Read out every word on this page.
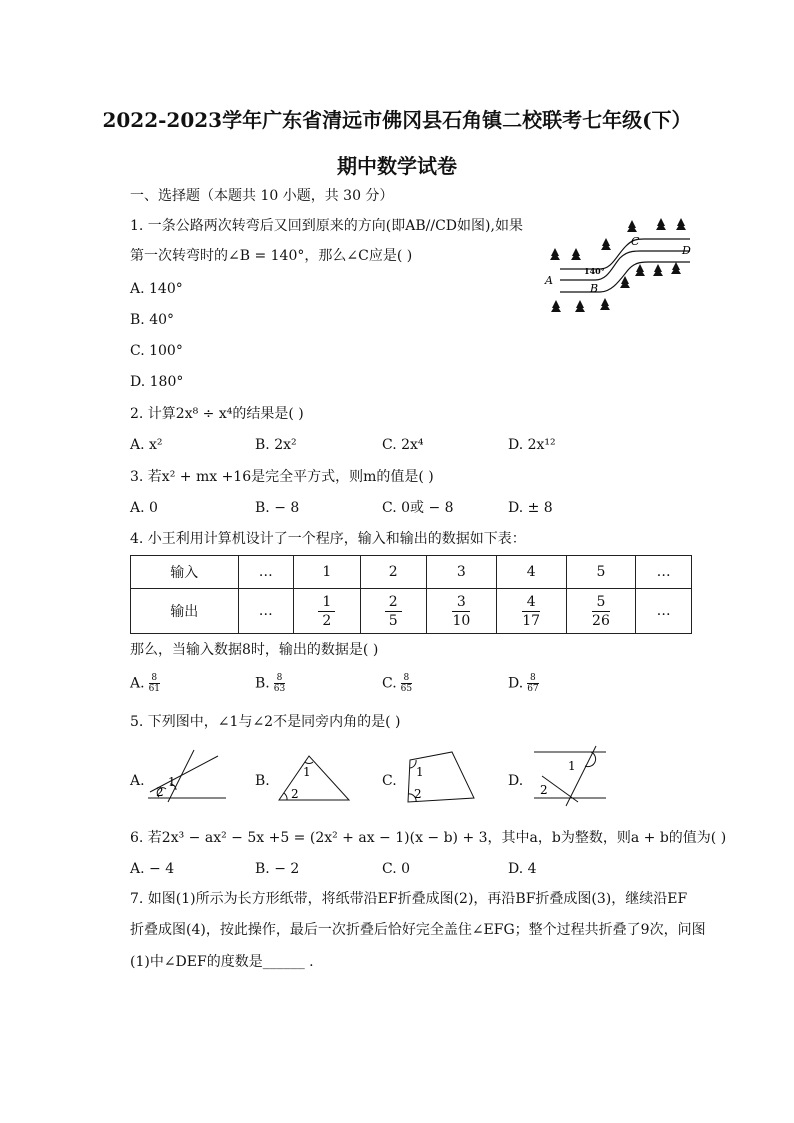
2022-2023学年广东省清远市佛冈县石角镇二校联考七年级(下）
期中数学试卷
一、选择题（本题共 10 小题，共 30 分）
1. 一条公路两次转弯后又回到原来的方向(即AB//CD如图),如果
第一次转弯时的∠B = 140°，那么∠C应是( )
A. 140°
B. 40°
C. 100°
D. 180°
A
B
C
D
140°
2. 计算2x⁸ ÷ x⁴的结果是( )
A. x²	B. 2x²	C. 2x⁴	D. 2x¹²
3. 若x² + mx +16是完全平方式，则m的值是( )
A. 0	B. − 8	C. 0或 − 8	D. ± 8
4. 小王利用计算机设计了一个程序，输入和输出的数据如下表：
输入	…	1	2	3	4	5	…
输出	…	$\frac{1}{2}$	$\frac{2}{5}$	$\frac{3}{10}$	$\frac{4}{17}$	$\frac{5}{26}$	…
那么，当输入数据8时，输出的数据是( )
A. $\frac{8}{61}$	B. $\frac{8}{63}$	C. $\frac{8}{65}$	D. $\frac{8}{67}$
5. 下列图中，∠1与∠2不是同旁内角的是( )
A. 1
2
B.
1
2
C.
1
2
D.
1
2
6. 若2x³ − ax² − 5x +5 = (2x² + ax − 1)(x − b) + 3，其中a，b为整数，则a + b的值为( )
A. − 4	B. − 2	C. 0	D. 4
7. 如图(1)所示为长方形纸带，将纸带沿EF折叠成图(2)，再沿BF折叠成图(3)，继续沿EF
折叠成图(4)，按此操作，最后一次折叠后恰好完全盖住∠EFG；整个过程共折叠了9次，问图
(1)中∠DEF的度数是______ .
